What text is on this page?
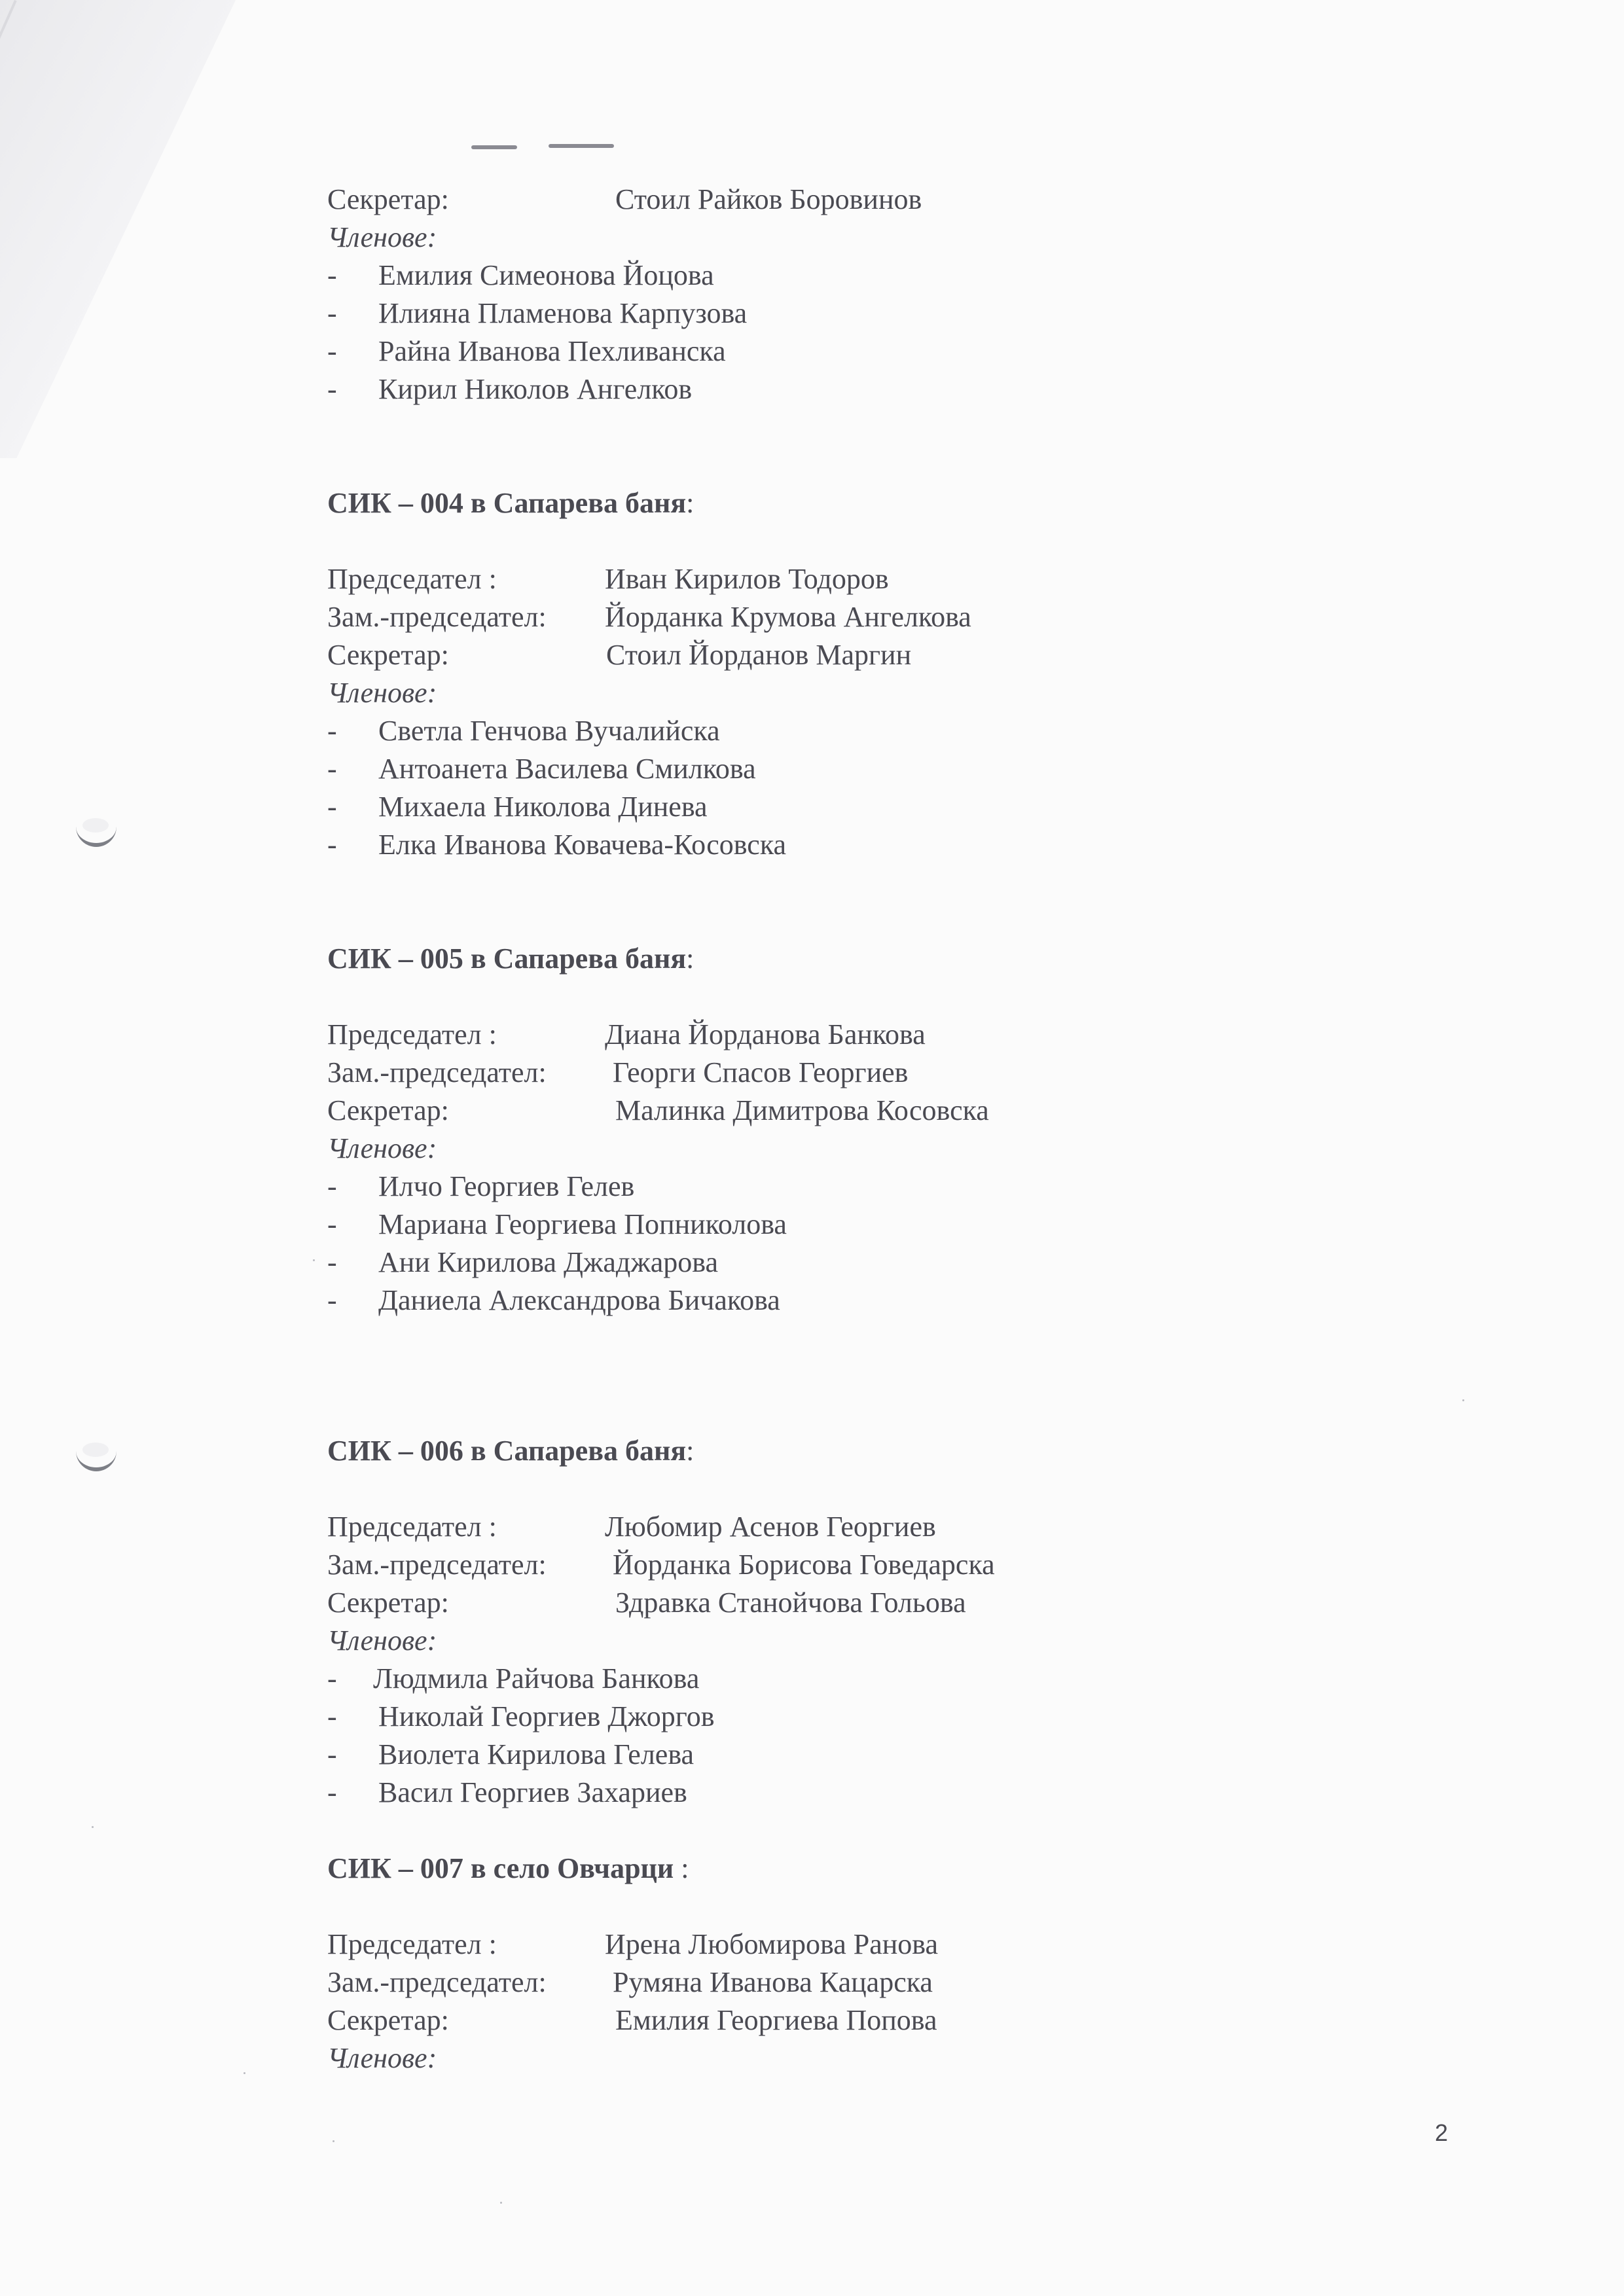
Секретар:	Стоил Райков Боровинов
Членове:
- Емилия Симеонова Йоцова
- Илияна Пламенова Карпузова
- Райна Иванова Пехливанска
- Кирил Николов Ангелков
СИК – 004 в Сапарева баня:
Председател :	Иван Кирилов Тодоров
Зам.-председател: Йорданка Крумова Ангелкова
Секретар:	Стоил Йорданов Маргин
Членове:
- Светла Генчова Вучалийска
- Антоанета Василева Смилкова
- Михаела Николова Динева
- Елка Иванова Ковачева-Косовска
СИК – 005 в Сапарева баня:
Председател :	Диана Йорданова Банкова
Зам.-председател: Георги Спасов Георгиев
Секретар:	Малинка Димитрова Косовска
Членове:
- Илчо Георгиев Гелев
- Мариана Георгиева Попниколова
- Ани Кирилова Джаджарова
- Даниела Александрова Бичакова
СИК – 006 в Сапарева баня:
Председател :	Любомир Асенов Георгиев
Зам.-председател: Йорданка Борисова Говедарска
Секретар:	Здравка Станойчова Гольова
Членове:
- Людмила Райчова Банкова
- Николай Георгиев Джоргов
- Виолета Кирилова Гелева
- Васил Георгиев Захариев
СИК – 007 в село Овчарци :
Председател :	Ирена Любомирова Ранова
Зам.-председател: Румяна Иванова Кацарска
Секретар:	Емилия Георгиева Попова
Членове:
2
